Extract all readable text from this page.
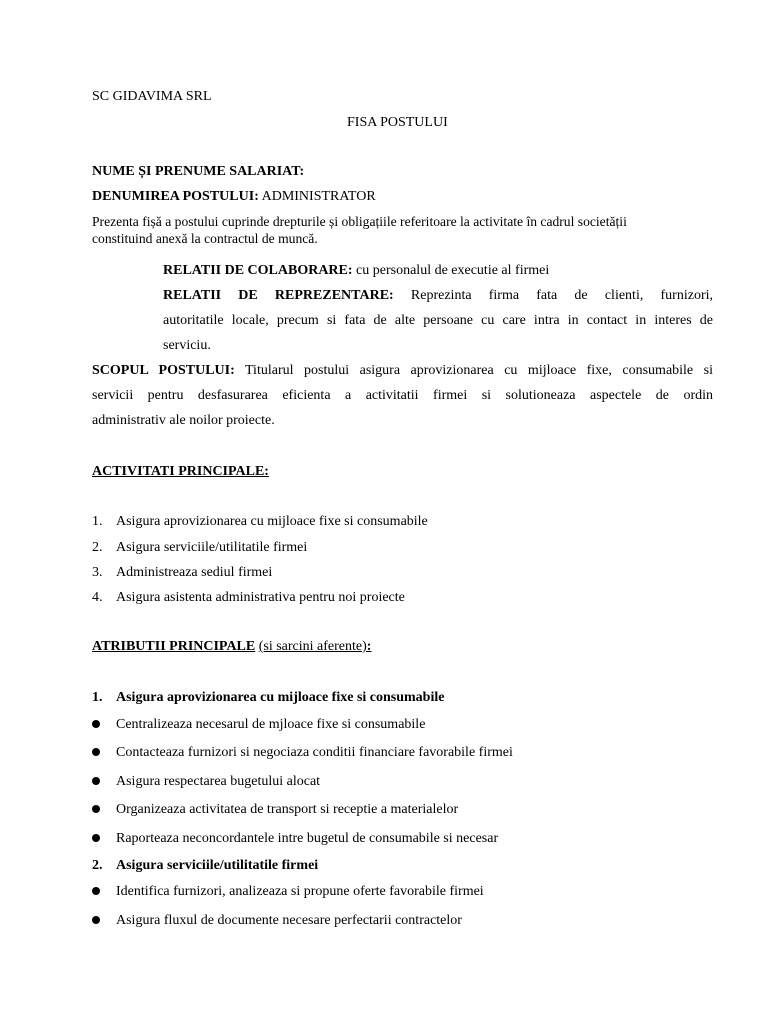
SC GIDAVIMA SRL
FISA POSTULUI
NUME ȘI PRENUME SALARIAT:
DENUMIREA POSTULUI: ADMINISTRATOR
Prezenta fișă a postului cuprinde drepturile și obligațiile referitoare la activitate în cadrul societății
constituind anexă la contractul de muncă.
RELATII DE COLABORARE: cu personalul de executie al firmei
RELATII DE REPREZENTARE: Reprezinta firma fata de clienti, furnizori,
autoritatile locale, precum si fata de alte persoane cu care intra in contact in interes de
serviciu.
SCOPUL POSTULUI: Titularul postului asigura aprovizionarea cu mijloace fixe, consumabile si
servicii pentru desfasurarea eficienta a activitatii firmei si solutioneaza aspectele de ordin
administrativ ale noilor proiecte.
ACTIVITATI PRINCIPALE:
1. Asigura aprovizionarea cu mijloace fixe si consumabile
2. Asigura serviciile/utilitatile firmei
3. Administreaza sediul firmei
4. Asigura asistenta administrativa pentru noi proiecte
ATRIBUTII PRINCIPALE (si sarcini aferente):
1. Asigura aprovizionarea cu mijloace fixe si consumabile
Centralizeaza necesarul de mjloace fixe si consumabile
Contacteaza furnizori si negociaza conditii financiare favorabile firmei
Asigura respectarea bugetului alocat
Organizeaza activitatea de transport si receptie a materialelor
Raporteaza neconcordantele intre bugetul de consumabile si necesar
2. Asigura serviciile/utilitatile firmei
Identifica furnizori, analizeaza si propune oferte favorabile firmei
Asigura fluxul de documente necesare perfectarii contractelor
